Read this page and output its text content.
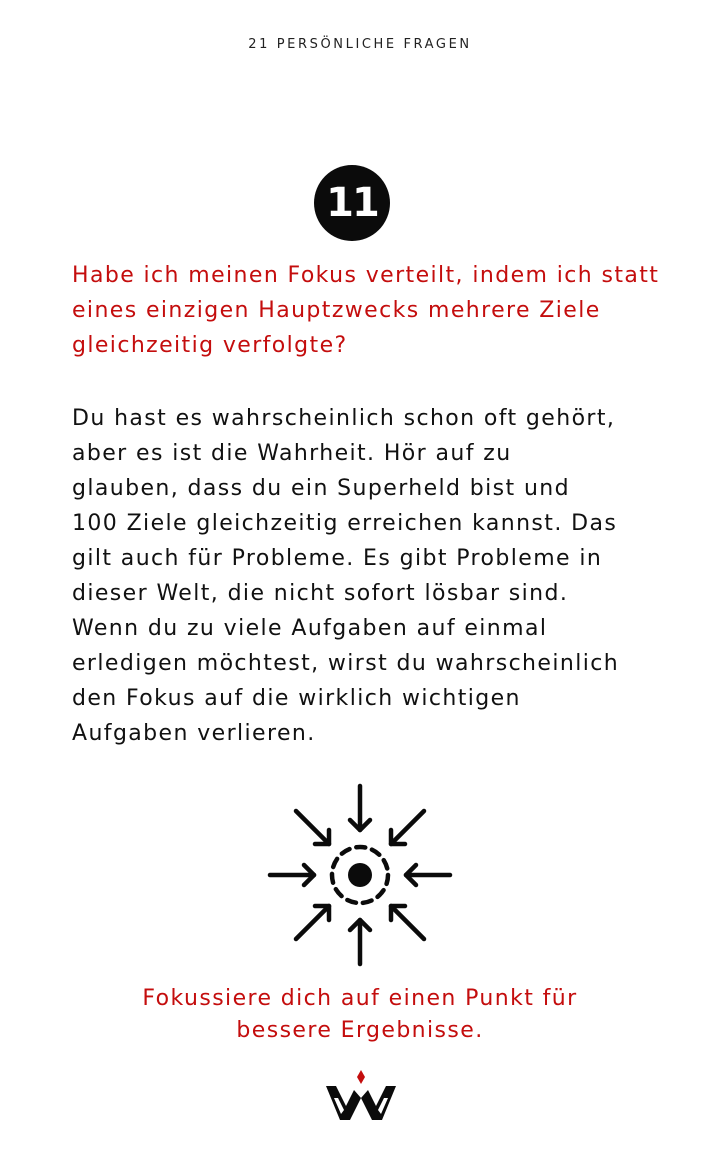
21 PERSÖNLICHE FRAGEN
11

Habe ich meinen Fokus verteilt, indem ich statt eines einzigen Hauptzwecks mehrere Ziele gleichzeitig verfolgte?

Du hast es wahrscheinlich schon oft gehört,
aber es ist die Wahrheit. Hör auf zu
glauben, dass du ein Superheld bist und
100 Ziele gleichzeitig erreichen kannst. Das
gilt auch für Probleme. Es gibt Probleme in
dieser Welt, die nicht sofort lösbar sind.
Wenn du zu viele Aufgaben auf einmal
erledigen möchtest, wirst du wahrscheinlich
den Fokus auf die wirklich wichtigen
Aufgaben verlieren.
Fokussiere dich auf einen Punkt für
bessere Ergebnisse.
